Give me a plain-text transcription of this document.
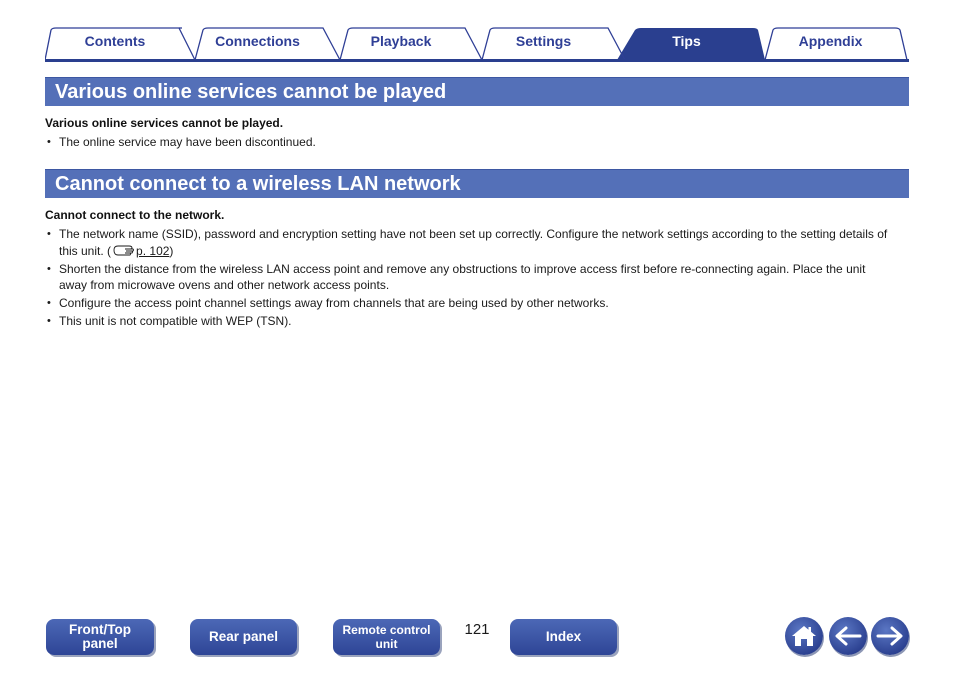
Contents	Connections	Playback	Settings	Tips	Appendix
Various online services cannot be played
Various online services cannot be played.
• The online service may have been discontinued.
Cannot connect to a wireless LAN network
Cannot connect to the network.
• The network name (SSID), password and encryption setting have not been set up correctly. Configure the network settings according to the setting details of this unit. ( p. 102)
• Shorten the distance from the wireless LAN access point and remove any obstructions to improve access first before re-connecting again. Place the unit away from microwave ovens and other network access points.
• Configure the access point channel settings away from channels that are being used by other networks.
• This unit is not compatible with WEP (TSN).
Front/Top
panel	Rear panel	Remote control
unit
121	Index
